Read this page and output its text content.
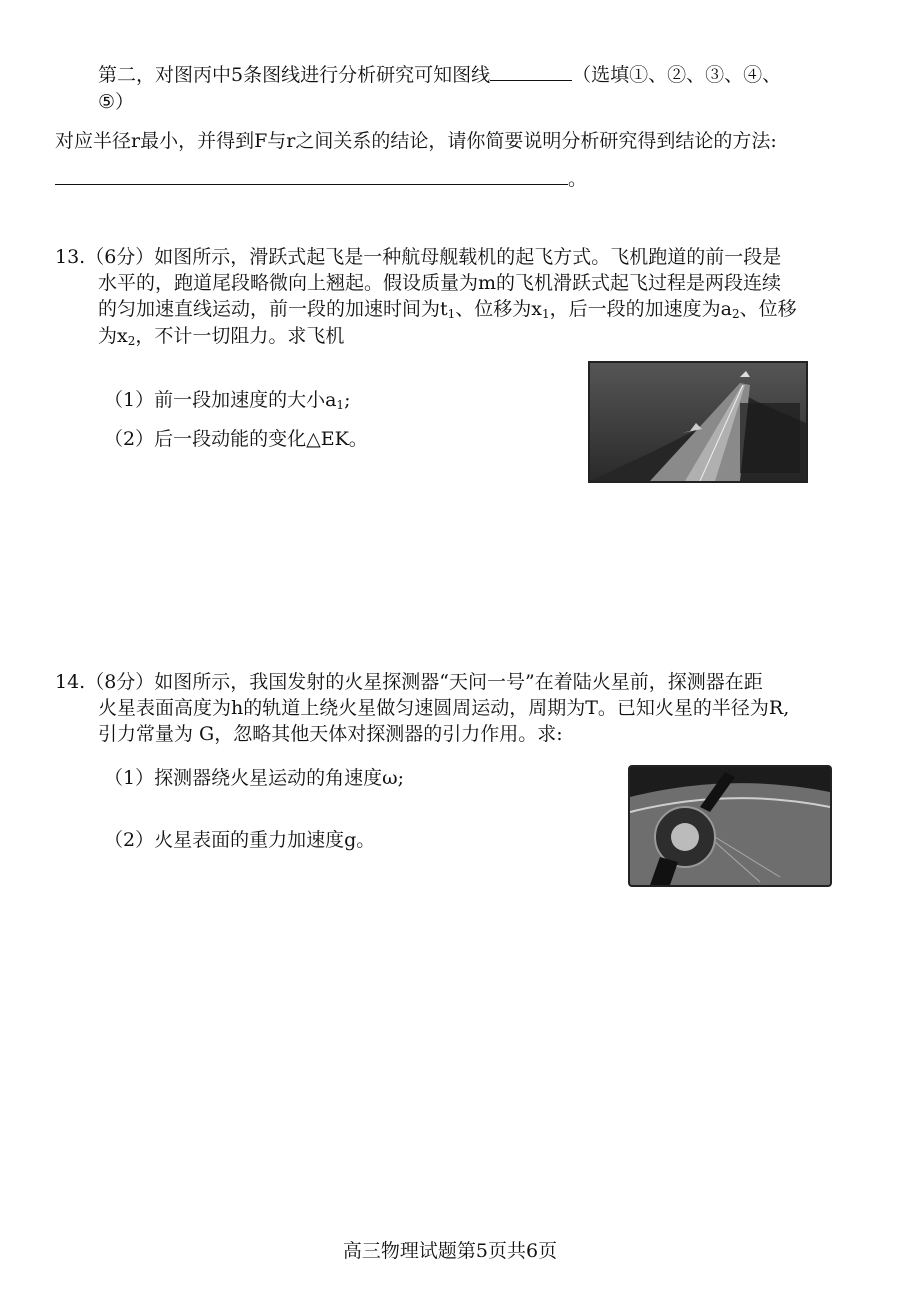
第二，对图丙中5条图线进行分析研究可知图线	（选填①、②、③、④、
⑤）
对应半径r最小，并得到F与r之间关系的结论，请你简要说明分析研究得到结论的方法:
。
13.（6分）如图所示，滑跃式起飞是一种航母舰载机的起飞方式。飞机跑道的前一段是
水平的，跑道尾段略微向上翘起。假设质量为m的飞机滑跃式起飞过程是两段连续
的匀加速直线运动，前一段的加速时间为$t_1$、位移为$x_1$，后一段的加速度为$a_2$、位移
为$x_2$，不计一切阻力。求飞机
（1）前一段加速度的大小$a_1$;
（2）后一段动能的变化△EK。
14.（8分）如图所示，我国发射的火星探测器“天问一号”在着陆火星前，探测器在距
火星表面高度为h的轨道上绕火星做匀速圆周运动，周期为T。已知火星的半径为R,
引力常量为 G，忽略其他天体对探测器的引力作用。求:
（1）探测器绕火星运动的角速度ω;
（2）火星表面的重力加速度g。
高三物理试题第5页共6页
